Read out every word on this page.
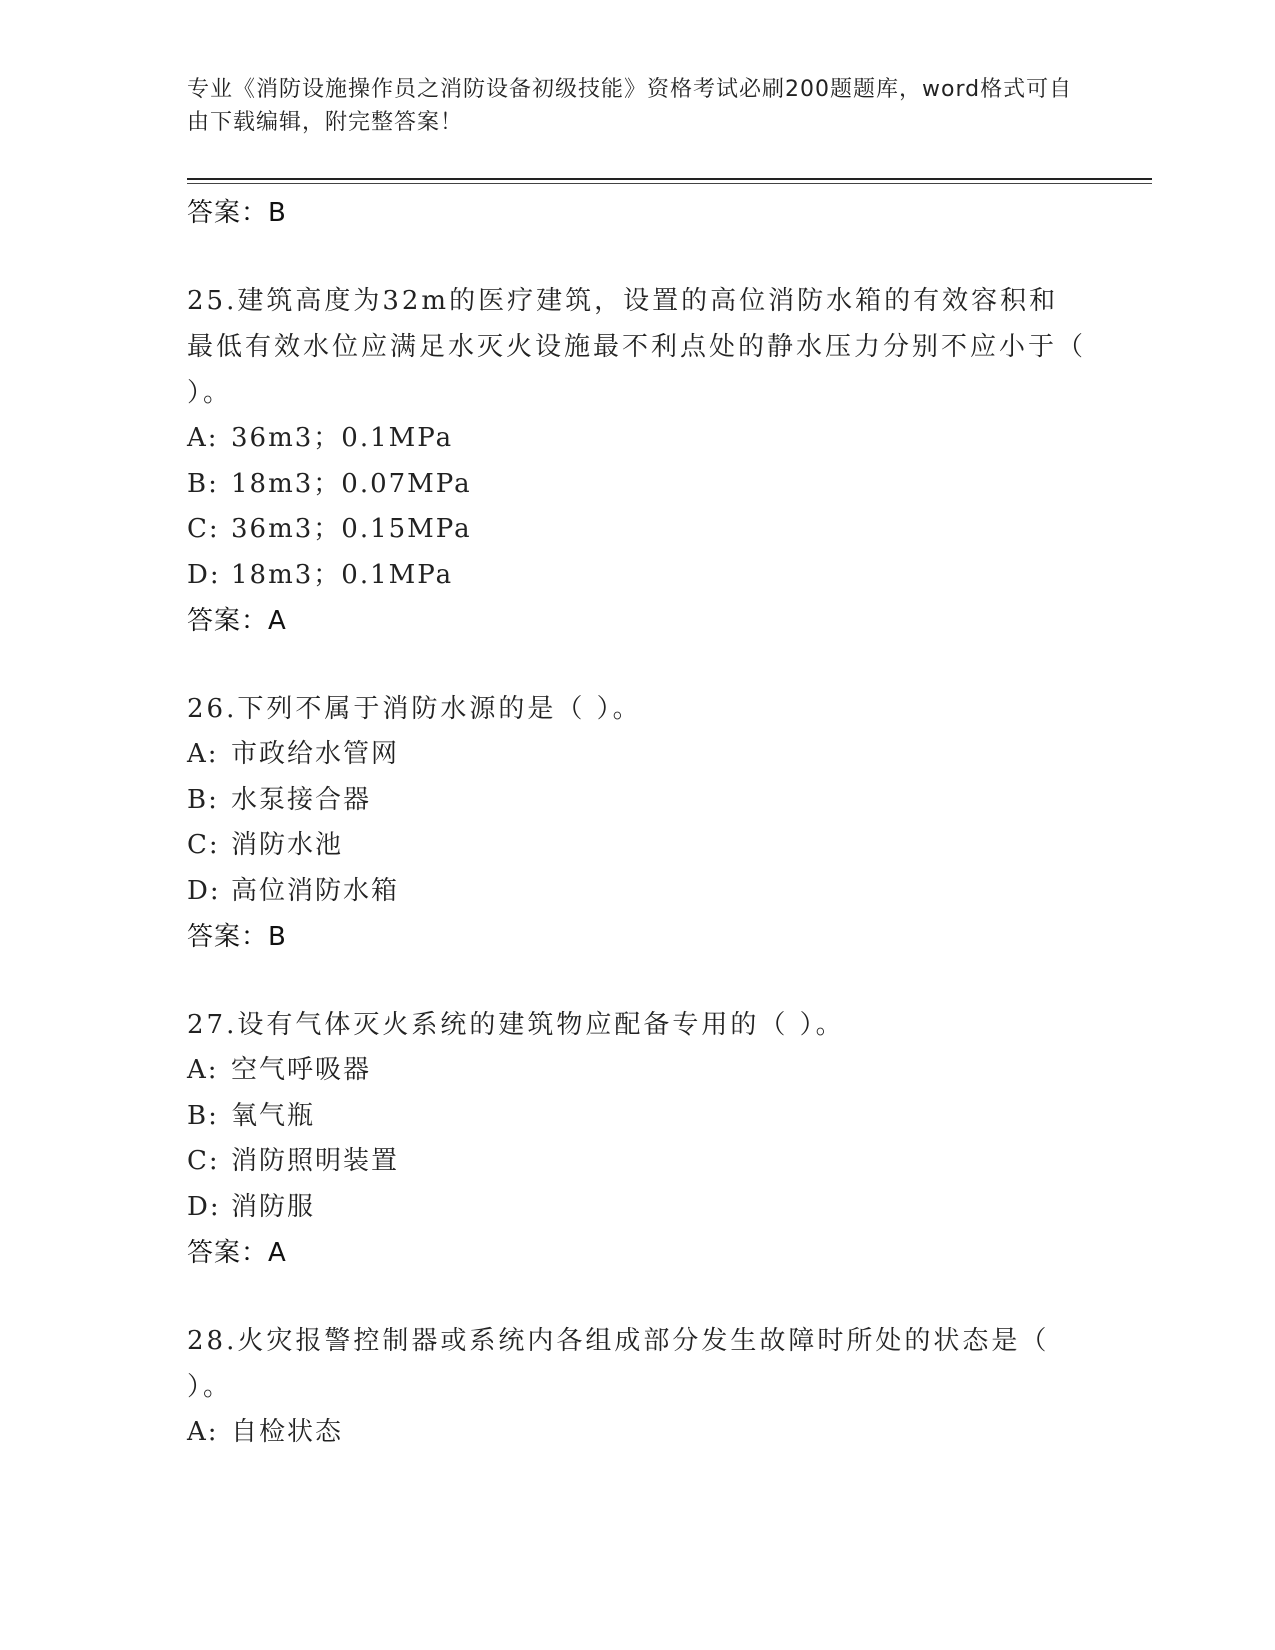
专业《消防设施操作员之消防设备初级技能》资格考试必刷200题题库，word格式可自由下载编辑，附完整答案！

答案：B

25.建筑高度为32m的医疗建筑，设置的高位消防水箱的有效容积和最低有效水位应满足水灭火设施最不利点处的静水压力分别不应小于（ ）。

A: 36m3；0.1MPa

B: 18m3；0.07MPa

C: 36m3；0.15MPa

D: 18m3；0.1MPa

答案：A

26.下列不属于消防水源的是（ ）。

A: 市政给水管网

B: 水泵接合器

C: 消防水池

D: 高位消防水箱

答案：B

27.设有气体灭火系统的建筑物应配备专用的（ ）。

A: 空气呼吸器

B: 氧气瓶

C: 消防照明装置

D: 消防服

答案：A

28.火灾报警控制器或系统内各组成部分发生故障时所处的状态是（ ）。

A: 自检状态
